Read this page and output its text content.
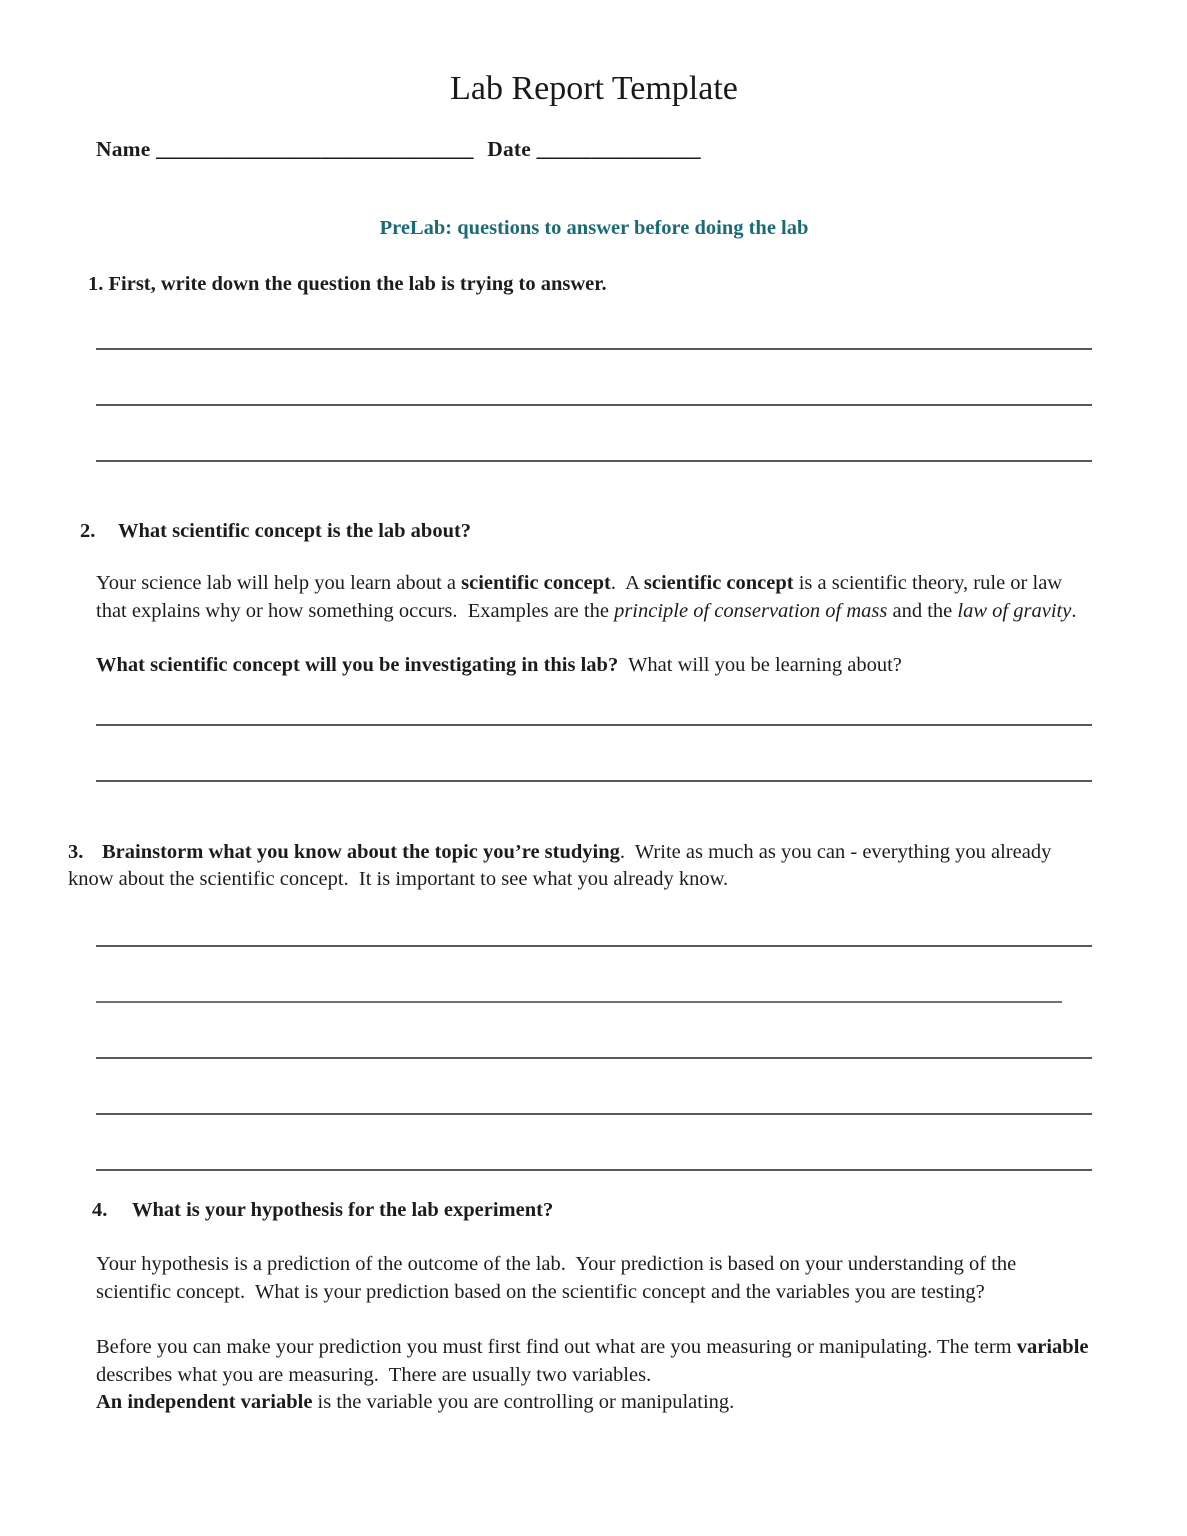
Lab Report Template

Name _____________________________ Date _______________

PreLab: questions to answer before doing the lab

1. First, write down the question the lab is trying to answer.

2. What scientific concept is the lab about?

Your science lab will help you learn about a scientific concept.  A scientific concept is a scientific theory, rule or law that explains why or how something occurs.  Examples are the principle of conservation of mass and the law of gravity.

What scientific concept will you be investigating in this lab?  What will you be learning about?

3. Brainstorm what you know about the topic you’re studying.  Write as much as you can - everything you already know about the scientific concept.  It is important to see what you already know.

4. What is your hypothesis for the lab experiment?

Your hypothesis is a prediction of the outcome of the lab.  Your prediction is based on your understanding of the scientific concept.  What is your prediction based on the scientific concept and the variables you are testing?

Before you can make your prediction you must first find out what are you measuring or manipulating. The term variable describes what you are measuring.  There are usually two variables.
An independent variable is the variable you are controlling or manipulating.
